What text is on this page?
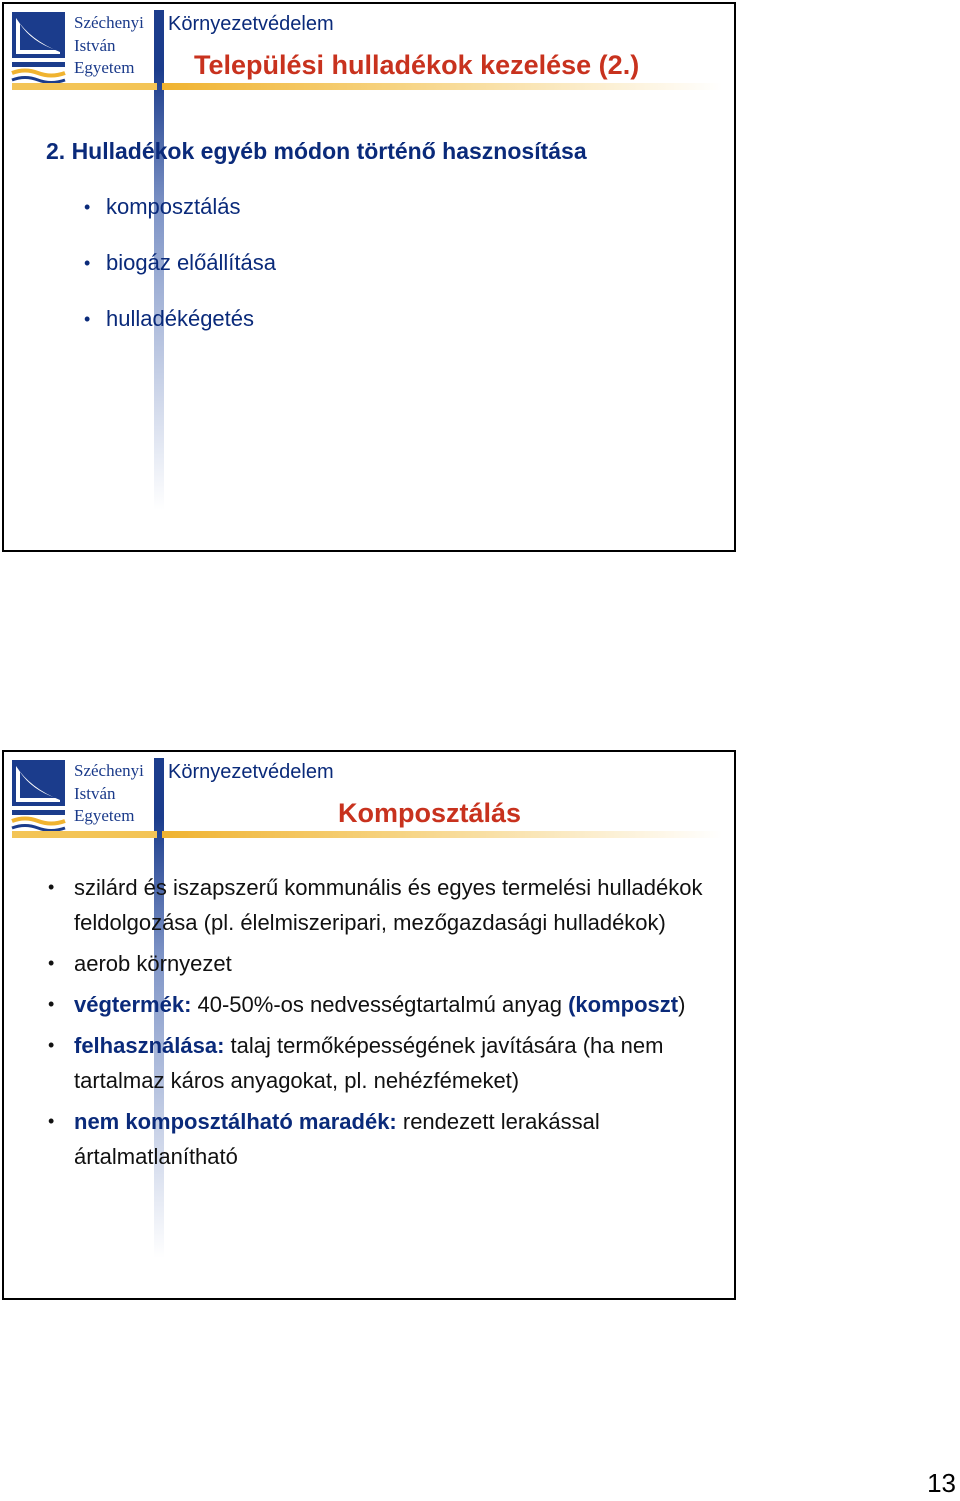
Széchenyi
István
Egyetem
Környezetvédelem
Települési hulladékok kezelése (2.)
2. Hulladékok egyéb módon történő hasznosítása
• komposztálás
• biogáz előállítása
• hulladékégetés
Széchenyi
István
Egyetem
Környezetvédelem
Komposztálás
• szilárd és iszapszerű kommunális és egyes termelési hulladékok feldolgozása (pl. élelmiszeripari, mezőgazdasági hulladékok)
• aerob környezet
• végtermék: 40-50%-os nedvességtartalmú anyag (komposzt)
• felhasználása: talaj termőképességének javítására (ha nem tartalmaz káros anyagokat, pl. nehézfémeket)
• nem komposztálható maradék: rendezett lerakással ártalmatlanítható
13
